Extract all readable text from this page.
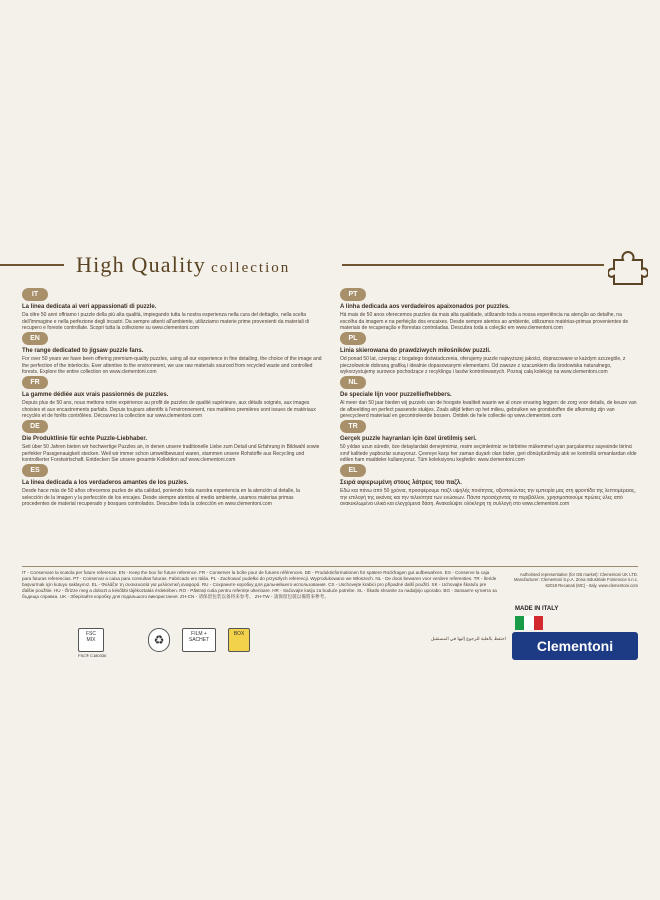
High Quality collection
IT
La linea dedicata ai veri appassionati di puzzle.
Da oltre 50 anni offriamo i puzzle della più alta qualità, impiegando tutta la nostra esperienza nella cura del dettaglio, nella scelta dell'immagine e nella perfezione degli incastri. Da sempre attenti all'ambiente, utilizziamo materie prime provenienti da materiali di recupero e foreste controllate. Scopri tutta la collezione su www.clementoni.com
EN
The range dedicated to jigsaw puzzle fans.
For over 50 years we have been offering premium-quality puzzles, using all our experience in fine detailing, the choice of the image and the perfection of the interlocks. Ever attentive to the environment, we use raw materials sourced from recycled waste and controlled forests. Explore the entire collection on www.clementoni.com
FR
La gamme dédiée aux vrais passionnés de puzzles.
Depuis plus de 50 ans, nous mettons notre expérience au profit de puzzles de qualité supérieure, aux détails soignés, aux images choisies et aux encastrements parfaits. Depuis toujours attentifs à l'environnement, nos matières premières sont issues de matériaux recyclés et de forêts contrôlées. Découvrez la collection sur www.clementoni.com
DE
Die Produktlinie für echte Puzzle-Liebhaber.
Seit über 50 Jahren bieten wir hochwertige Puzzles an, in denen unsere traditionelle Liebe zum Detail und Erfahrung in Bildwahl sowie perfekter Passgenauigkeit stecken. Weil wir immer schon umweltbewusst waren, stammen unsere Rohstoffe aus Recycling und kontrollierter Forstwirtschaft. Entdecken Sie unsere gesamte Kollektion auf www.clementoni.com
ES
La línea dedicada a los verdaderos amantes de los puzles.
Desde hace más de 50 años ofrecemos puzles de alta calidad, poniendo toda nuestra experiencia en la atención al detalle, la selección de la imagen y la perfección de los encajes. Desde siempre atentos al medio ambiente, usamos materias primas procedentes de material recuperado y bosques controlados. Descubre toda la colección en www.clementoni.com
PT
A linha dedicada aos verdadeiros apaixonados por puzzles.
Há mais de 50 anos oferecemos puzzles da mais alta qualidade, utilizando toda a nossa experiência na atenção ao detalhe, na escolha da imagem e na perfeição dos encaixes. Desde sempre atentos ao ambiente, utilizamos matérias-primas provenientes de materiais de recuperação e florestas controladas. Descubra toda a coleção em www.clementoni.com
PL
Linia skierowana do prawdziwych miłośników puzzli.
Od ponad 50 lat, czerpiąc z bogatego doświadczenia, oferujemy puzzle najwyższej jakości, dopracowane w każdym szczególe, z pieczołowicie dobraną grafiką i idealnie dopasowanymi elementami. Od zawsze z szacunkiem dla środowiska naturalnego, wykorzystujemy surowce pochodzące z recyklingu i lasów kontrolowanych. Poznaj całą kolekcję na www.clementoni.com
NL
De speciale lijn voor puzzelliefhebbers.
Al meer dan 50 jaar bieden wij puzzels van de hoogste kwaliteit waarin we al onze ervaring leggen: de zorg voor details, de keuze van de afbeelding en perfect passende stukjes. Zoals altijd letten op het milieu, gebruiken we grondstoffen die afkomstig zijn van gerecycleerd materiaal en gecontroleerde bossen. Ontdek de hele collectie op www.clementoni.com
TR
Gerçek puzzle hayranları için özel üretilmiş seri.
50 yıldan uzun süredir, öze detaylardaki deneyimimiz, resim seçimlerimiz ve birbirine mükemmel uyan parçalarımız sayesinde birinci sınıf kalitede yapbozlar sunuyoruz. Çevreye karşı her zaman duyarlı olan bizler, geri dönüştürülmüş atık ve kontrollü ormanlardan elde edilen ham maddeler kullanıyoruz. Tüm koleksiyonu keşfedin: www.clementoni.com
EL
Σειρά αφιερωμένη στους λάτρεις του παζλ.
Εδώ και πάνω από 50 χρόνια, προσφέρουμε παζλ υψηλής ποιότητας, αξιοποιώντας την εμπειρία μας στη φροντίδα της λεπτομέρειας, την επιλογή της εικόνας και την τελειότητα των ενώσεων. Πάντα προσέχοντας το περιβάλλον, χρησιμοποιούμε πρώτες ύλες από ανακυκλωμένα υλικά και ελεγχόμενα δάση. Ανακαλύψτε ολόκληρη τη συλλογή στο www.clementoni.com
IT - Conservare la scatola per future referenze. EN - Keep the box for future reference. FR - Conserver la boîte pour de futures références. DE - Produktinformationen für spätere Rückfragen gut aufbewahren. ES - Conserve la caja para futuras referencias. PT - Conservar a caixa para consultas futuras. Fabricado em Itália. PL - Zachować pudełko do przyszłych referencji. Wyprodukowano we Włoszech. NL - De doos bewaren voor verdere referenties. TR - İleride başvurmak için kutuyu saklayınız. EL - Φυλάξτε τη συσκευασία για μελλοντική αναφορά. RU - Сохраните коробку для дальнейшего использования. CS - Uschovejte krabici pro případné další použití. SK - Uchovajte škatuľu pre ďalšie použitie. HU - Őrizze meg a dobozt a későbbi tájékoztatás érdekében. RO - Păstrați cutia pentru referințe ulterioare. HR - Sačuvajte kutiju za buduće potrebe. SL - Škatlo shranite za nadaljnjo uporabo. BG - Запазете кутията за бъдеща справка. UK - Зберігайте коробку для подальшого використання. ZH-CN - 请保留包装以备将来参考。 ZH-TW - 請保留包裝以備將來參考。
Authorised representative (for GB market): Clementoni UK LTD. Manufacturer: Clementoni S.p.A. Zona Industriale Fontenoce s.n.c. 62019 Recanati (MC) - Italy. www.clementoni.com
FSC MIX	♻	FILM + SACHET
BOX
FSC® C180336
احتفظ بالعلبة للرجوع إليها في المستقبل
MADE IN ITALY
Clementoni
